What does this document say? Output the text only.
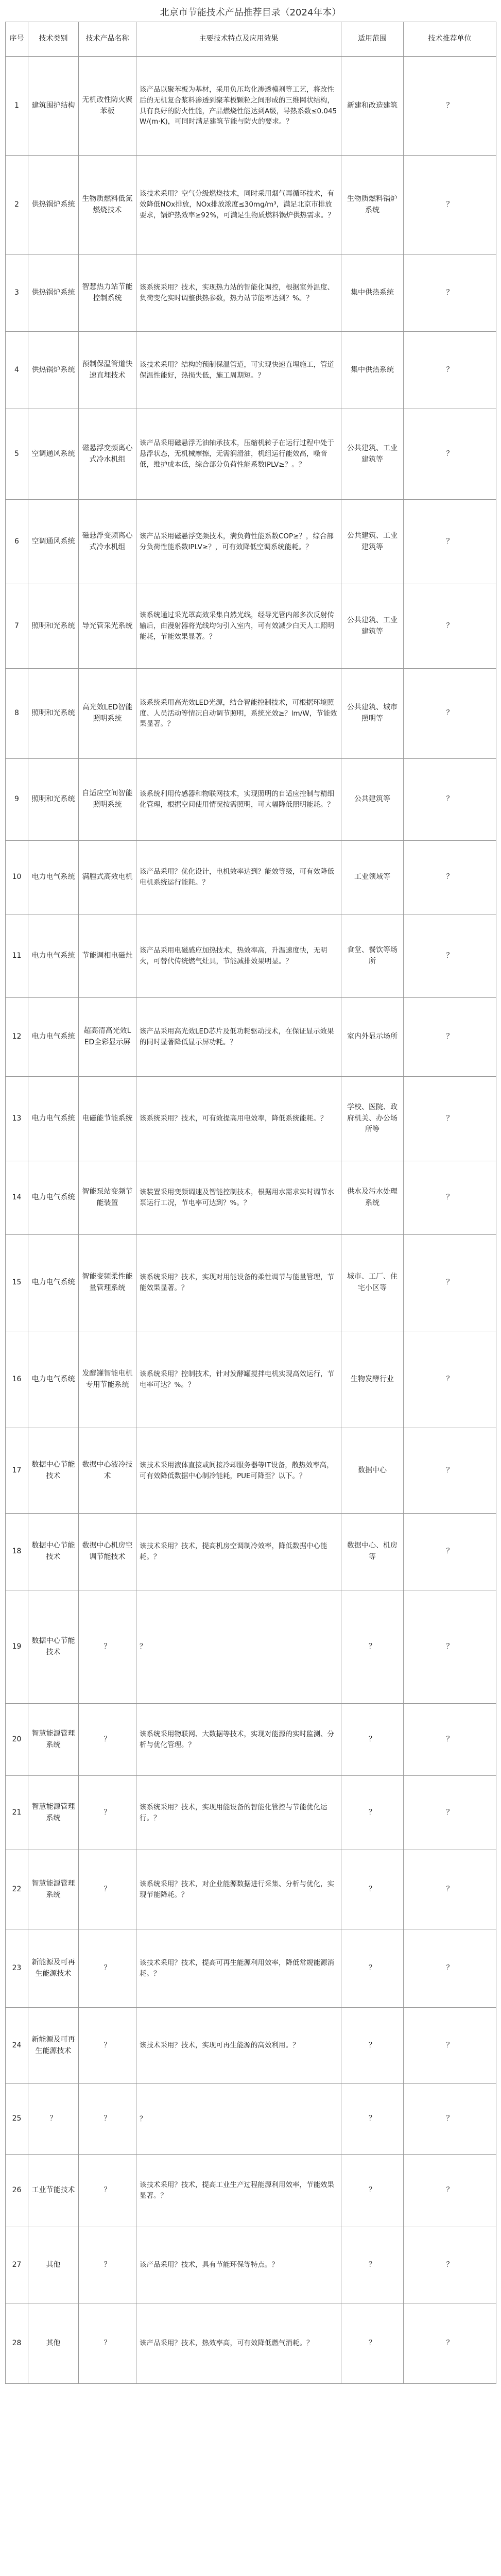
北京市节能技术产品推荐目录（2024年本）
序号	技术类别	技术产品名称	主要技术特点及应用效果	适用范围	技术推荐单位
1	建筑围护结构	无机改性防火聚苯板	该产品以聚苯板为基材，采用负压均化渗透模剂等工艺，将改性后的无机复合浆料渗透到聚苯板颗粒之间形成的三维网状结构，具有良好的防火性能，产品燃烧性能达到A级，导热系数≤0.045W/(m·K)，可同时满足建筑节能与防火的要求。？	新建和改造建筑	？
2	供热锅炉系统	生物质燃料低氮燃烧技术	该技术采用？空气分级燃烧技术，同时采用烟气再循环技术，有效降低NOx排放，NOx排放浓度≤30mg/m³，满足北京市排放要求，锅炉热效率≥92%，可满足生物质燃料锅炉供热需求。？	生物质燃料锅炉系统	？
3	供热锅炉系统	智慧热力站节能控制系统	该系统采用？技术，实现热力站的智能化调控，根据室外温度、负荷变化实时调整供热参数，热力站节能率达到？%。？	集中供热系统	？
4	供热锅炉系统	预制保温管道快速直埋技术	该技术采用？结构的预制保温管道，可实现快速直埋施工，管道保温性能好，热损失低，施工周期短。？	集中供热系统	？
5	空调通风系统	磁悬浮变频离心式冷水机组	该产品采用磁悬浮无油轴承技术，压缩机转子在运行过程中处于悬浮状态，无机械摩擦，无需润滑油，机组运行能效高，噪音低，维护成本低，综合部分负荷性能系数IPLV≥？。？	公共建筑、工业建筑等	？
6	空调通风系统	磁悬浮变频离心式冷水机组	该产品采用磁悬浮变频技术，满负荷性能系数COP≥？，综合部分负荷性能系数IPLV≥？，可有效降低空调系统能耗。？	公共建筑、工业建筑等	？
7	照明和光系统	导光管采光系统	该系统通过采光罩高效采集自然光线，经导光管内部多次反射传输后，由漫射器将光线均匀引入室内，可有效减少白天人工照明能耗，节能效果显著。？	公共建筑、工业建筑等	？
8	照明和光系统	高光效LED智能照明系统	该系统采用高光效LED光源，结合智能控制技术，可根据环境照度、人员活动等情况自动调节照明，系统光效≥？lm/W，节能效果显著。？	公共建筑、城市照明等	？
9	照明和光系统	自适应空间智能照明系统	该系统利用传感器和物联网技术，实现照明的自适应控制与精细化管理，根据空间使用情况按需照明，可大幅降低照明能耗。？	公共建筑等	？
10	电力电气系统	满膛式高效电机	该产品采用？优化设计，电机效率达到？能效等级，可有效降低电机系统运行能耗。？	工业领域等	？
11	电力电气系统	节能调相电磁灶	该产品采用电磁感应加热技术，热效率高，升温速度快，无明火，可替代传统燃气灶具，节能减排效果明显。？	食堂、餐饮等场所	？
12	电力电气系统	超高清高光效LED全彩显示屏	该产品采用高光效LED芯片及低功耗驱动技术，在保证显示效果的同时显著降低显示屏功耗。？	室内外显示场所	？
13	电力电气系统	电磁能节能系统	该系统采用？技术，可有效提高用电效率，降低系统能耗。？	学校、医院、政府机关、办公场所等	？
14	电力电气系统	智能泵站变频节能装置	该装置采用变频调速及智能控制技术，根据用水需求实时调节水泵运行工况，节电率可达到？%。？	供水及污水处理系统	？
15	电力电气系统	智能变频柔性能量管理系统	该系统采用？技术，实现对用能设备的柔性调节与能量管理，节能效果显著。？	城市、工厂、住宅小区等	？
16	电力电气系统	发酵罐智能电机专用节能系统	该系统采用？控制技术，针对发酵罐搅拌电机实现高效运行，节电率可达？%。？	生物发酵行业	？
17	数据中心节能技术	数据中心液冷技术	该技术采用液体直接或间接冷却服务器等IT设备，散热效率高，可有效降低数据中心制冷能耗，PUE可降至？以下。？	数据中心	？
18	数据中心节能技术	数据中心机房空调节能技术	该技术采用？技术，提高机房空调制冷效率，降低数据中心能耗。？	数据中心、机房等	？
19	数据中心节能技术	？	？	？	？
20	智慧能源管理系统	？	该系统采用物联网、大数据等技术，实现对能源的实时监测、分析与优化管理。？	？	？
21	智慧能源管理系统	？	该系统采用？技术，实现用能设备的智能化管控与节能优化运行。？	？	？
22	智慧能源管理系统	？	该系统采用？技术，对企业能源数据进行采集、分析与优化，实现节能降耗。？	？	？
23	新能源及可再生能源技术	？	该技术采用？技术，提高可再生能源利用效率，降低常规能源消耗。？	？	？
24	新能源及可再生能源技术	？	该技术采用？技术，实现可再生能源的高效利用。？	？	？
25	？	？	？	？	？
26	工业节能技术	？	该技术采用？技术，提高工业生产过程能源利用效率，节能效果显著。？	？	？
27	其他	？	该产品采用？技术，具有节能环保等特点。？	？	？
28	其他	？	该产品采用？技术，热效率高，可有效降低燃气消耗。？	？	？
